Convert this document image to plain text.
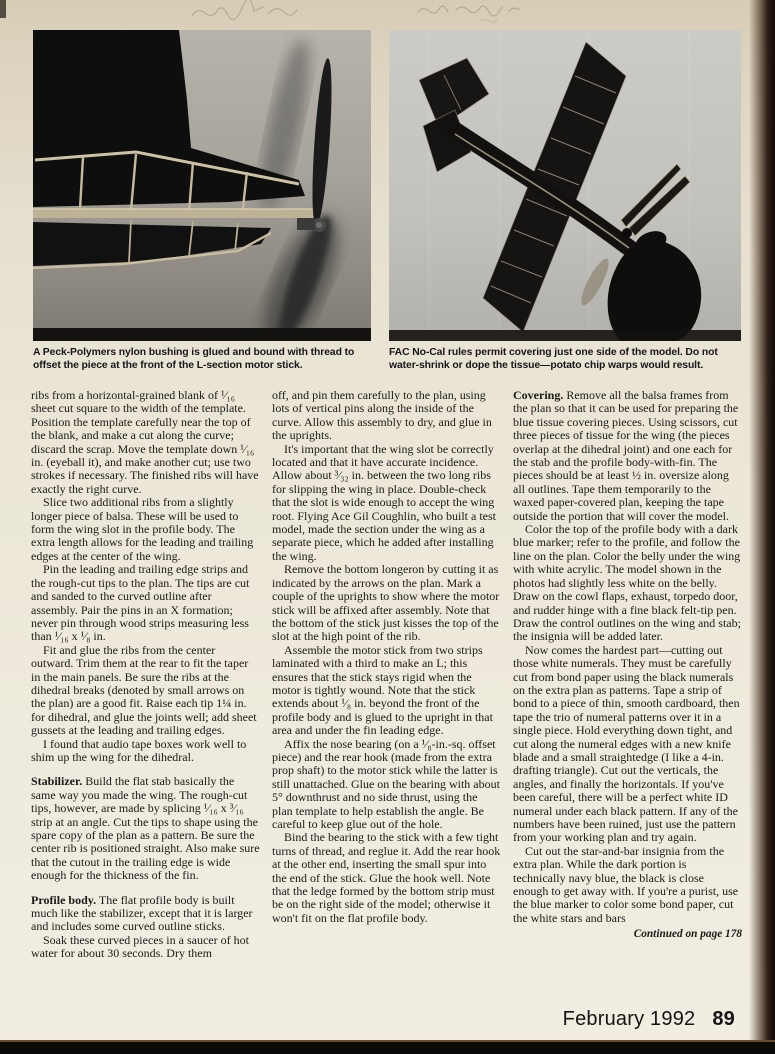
A Peck-Polymers nylon bushing is glued and bound with thread to offset the piece at the front of the L-section motor stick.
FAC No-Cal rules permit covering just one side of the model. Do not water-shrink or dope the tissue—potato chip warps would result.

ribs from a horizontal-grained blank of ¹⁄₁₆ sheet cut square to the width of the template. Position the template carefully near the top of the blank, and make a cut along the curve; discard the scrap. Move the template down ¹⁄₁₆ in. (eyeball it), and make another cut; use two strokes if necessary. The finished ribs will have exactly the right curve.

Slice two additional ribs from a slightly longer piece of balsa. These will be used to form the wing slot in the profile body. The extra length allows for the leading and trailing edges at the center of the wing.

Pin the leading and trailing edge strips and the rough-cut tips to the plan. The tips are cut and sanded to the curved outline after assembly. Pair the pins in an X formation; never pin through wood strips measuring less than ¹⁄₁₆ x ¹⁄₈ in.

Fit and glue the ribs from the center outward. Trim them at the rear to fit the taper in the main panels. Be sure the ribs at the dihedral breaks (denoted by small arrows on the plan) are a good fit. Raise each tip 1¼ in. for dihedral, and glue the joints well; add sheet gussets at the leading and trailing edges.

I found that audio tape boxes work well to shim up the wing for the dihedral.

Stabilizer. Build the flat stab basically the same way you made the wing. The rough-cut tips, however, are made by splicing ¹⁄₁₆ x ³⁄₁₆ strip at an angle. Cut the tips to shape using the spare copy of the plan as a pattern. Be sure the center rib is positioned straight. Also make sure that the cutout in the trailing edge is wide enough for the thickness of the fin.

Profile body. The flat profile body is built much like the stabilizer, except that it is larger and includes some curved outline sticks.

Soak these curved pieces in a saucer of hot water for about 30 seconds. Dry them

off, and pin them carefully to the plan, using lots of vertical pins along the inside of the curve. Allow this assembly to dry, and glue in the uprights.

It's important that the wing slot be correctly located and that it have accurate incidence. Allow about ³⁄₃₂ in. between the two long ribs for slipping the wing in place. Double-check that the slot is wide enough to accept the wing root. Flying Ace Gil Coughlin, who built a test model, made the section under the wing as a separate piece, which he added after installing the wing.

Remove the bottom longeron by cutting it as indicated by the arrows on the plan. Mark a couple of the uprights to show where the motor stick will be affixed after assembly. Note that the bottom of the stick just kisses the top of the slot at the high point of the rib.

Assemble the motor stick from two strips laminated with a third to make an L; this ensures that the stick stays rigid when the motor is tightly wound. Note that the stick extends about ¹⁄₈ in. beyond the front of the profile body and is glued to the upright in that area and under the fin leading edge.

Affix the nose bearing (on a ¹⁄₈-in.-sq. offset piece) and the rear hook (made from the extra prop shaft) to the motor stick while the latter is still unattached. Glue on the bearing with about 5° downthrust and no side thrust, using the plan template to help establish the angle. Be careful to keep glue out of the hole.

Bind the bearing to the stick with a few tight turns of thread, and reglue it. Add the rear hook at the other end, inserting the small spur into the end of the stick. Glue the hook well. Note that the ledge formed by the bottom strip must be on the right side of the model; otherwise it won't fit on the flat profile body.

Covering. Remove all the balsa frames from the plan so that it can be used for preparing the blue tissue covering pieces. Using scissors, cut three pieces of tissue for the wing (the pieces overlap at the dihedral joint) and one each for the stab and the profile body-with-fin. The pieces should be at least ½ in. oversize along all outlines. Tape them temporarily to the waxed paper-covered plan, keeping the tape outside the portion that will cover the model.

Color the top of the profile body with a dark blue marker; refer to the profile, and follow the line on the plan. Color the belly under the wing with white acrylic. The model shown in the photos had slightly less white on the belly. Draw on the cowl flaps, exhaust, torpedo door, and rudder hinge with a fine black felt-tip pen. Draw the control outlines on the wing and stab; the insignia will be added later.

Now comes the hardest part—cutting out those white numerals. They must be carefully cut from bond paper using the black numerals on the extra plan as patterns. Tape a strip of bond to a piece of thin, smooth cardboard, then tape the trio of numeral patterns over it in a single piece. Hold everything down tight, and cut along the numeral edges with a new knife blade and a small straightedge (I like a 4-in. drafting triangle). Cut out the verticals, the angles, and finally the horizontals. If you've been careful, there will be a perfect white ID numeral under each black pattern. If any of the numbers have been ruined, just use the pattern from your working plan and try again.

Cut out the star-and-bar insignia from the extra plan. While the dark portion is technically navy blue, the black is close enough to get away with. If you're a purist, use the blue marker to color some bond paper, cut the white stars and bars

Continued on page 178
February 1992 89
